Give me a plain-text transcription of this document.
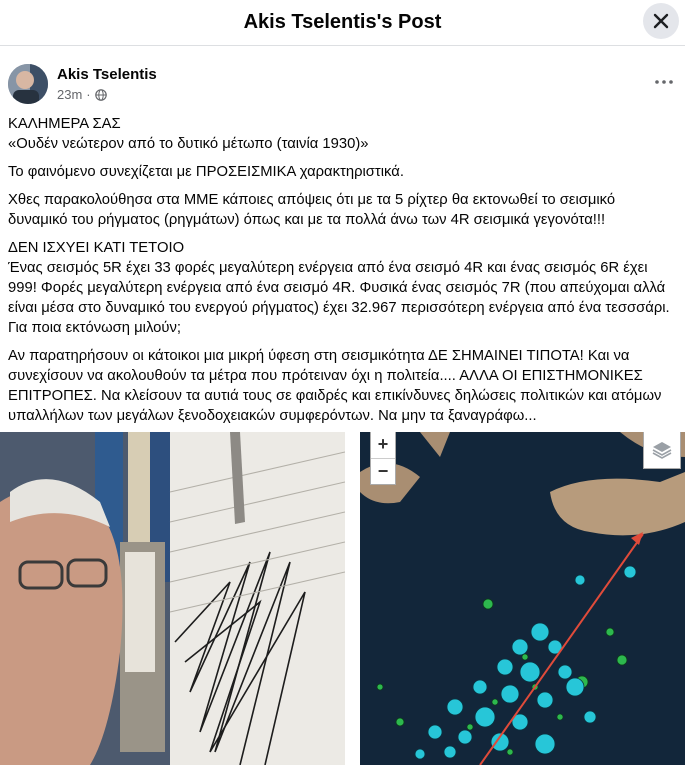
Akis Tselentis's Post
Akis Tselentis
23m ·

ΚΑΛΗΜΕΡΑ ΣΑΣ
«Ουδέν νεώτερον από το δυτικό μέτωπο (ταινία 1930)»

Το φαινόμενο συνεχίζεται με ΠΡΟΣΕΙΣΜΙΚΑ χαρακτηριστικά.

Χθες παρακολούθησα στα ΜΜΕ κάποιες απόψεις ότι με τα 5 ρίχτερ θα εκτονωθεί το σεισμικό δυναμικό του ρήγματος (ρηγμάτων) όπως και με τα πολλά άνω των 4R σεισμικά γεγονότα!!!

ΔΕΝ ΙΣΧΥΕΙ ΚΑΤΙ ΤΕΤΟΙΟ
Ένας σεισμός 5R έχει 33 φορές μεγαλύτερη ενέργεια από ένα σεισμό 4R και ένας σεισμός 6R έχει 999! Φορές μεγαλύτερη ενέργεια από ένα σεισμό 4R. Φυσικά ένας σεισμός 7R (που απεύχομαι αλλά είναι μέσα στο δυναμικό του ενεργού ρήγματος) έχει 32.967 περισσότερη ενέργεια από ένα τεσσσάρι. Για ποια εκτόνωση μιλούν;

Αν παρατηρήσουν οι κάτοικοι μια μικρή ύφεση στη σεισμικότητα ΔΕ ΣΗΜΑΙΝΕΙ ΤΙΠΟΤΑ! Και να συνεχίσουν να ακολουθούν τα μέτρα που πρότειναν όχι η πολιτεία.... ΑΛΛΑ ΟΙ ΕΠΙΣΤΗΜΟΝΙΚΕΣ ΕΠΙΤΡΟΠΕΣ. Να κλείσουν τα αυτιά τους σε φαιδρές και επικίνδυνες δηλώσεις πολιτικών και ατόμων υπαλλήλων των μεγάλων ξενοδοχειακών συμφερόντων. Να μην τα ξαναγράφω...

+
−
